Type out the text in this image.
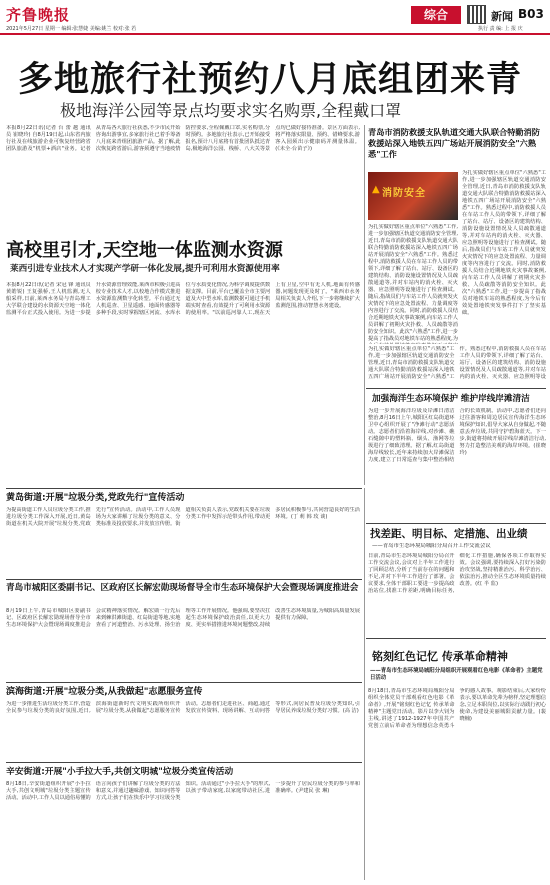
齐鲁晚报
2021年5月27日 星期一 编辑:张慧婕 美编:姚兰 校对:张 若
综合	新闻 B03
执行 责 编: 上 报 庆
多地旅行社预约八月底组团来青
极地海洋公园等景点均要求实名购票,全程戴口罩
本报8月22日讯(记者 台 蕾 越 通讯员 崔晓玲) 自8月19日起,山东省内旅行社及在线旅游企业可恢复经营跨省团队旅游及"机票+酒店"业务。记者从青岛各大旅行社获悉,不少市民开始咨询出游事宜,多家旅行社已着手筹备八月底来青组团旅游产品。据了解,此次恢复跨省游后,游客须遵守当地疫情防控要求,全程佩戴口罩,实名购票,分时预约。多地旅行社表示,已开始接受报名,预计八月底将有首批团队抵达青岛,极地海洋公园、栈桥、八大关等景点均已做好接待准备。景区方面表示,将严格落实限量、预约、错峰要求,游客入园须出示健康码并测量体温。(《未全·台苗子》)
高校里引才,天空地一体监测水资源
莱西引进专业技术人才实现产学研一体化发展,提升可利用水资源使用率
本报8月22日讯(记者 宋冠 锋 通讯员 黄皓锐) 王复强桥,王人机监测,无人船采样,日前,莱西水务局与青岛理工大学联合建设的水资源天空地一体化监测平台正式投入使用。为进一步提升水资源管理效能,莱西市积极引进高校专业技术人才,以校地合作模式推进水资源监测数字化转型。平台通过无人机巡查、卫星遥感、地面传感器等多种手段,实时掌握辖区河流、水库水位与水质变化情况,为科学调度提供数据支撑。目前,平台已覆盖全市主要河道及大中型水库,监测数据可通过手机端实时查看,有效提升了可利用水资源的使用率。"以前巡河靠人工,现在天上有卫星,空中有无人机,地面有传感器,问题发现更及时了。"莱西市水务局相关负责人介绍,下一步将继续扩大监测范围,推动智慧水务建设。
青岛市消防救援支队轨道交通大队联合特勤消防救援站深入地铁五四广场站开展消防安全"六熟悉"工作
消防安全
▲
为扎实做好辖区重点单位"六熟悉"工作,进一步加强辖区轨道交通消防安全管理,近日,青岛市消防救援支队轨道交通大队联合特勤消防救援站深入地铁五四广场站开展消防安全"六熟悉"工作。熟悉过程中,消防救援人员在车站工作人员的带领下,详细了解了站台、站厅、设备区的建筑结构、消防设施设置情况及人员疏散通道等,并对车站内的消火栓、灭火器、应急照明等设施进行了检查测试。随后,指战员们与车站工作人员就突发火灾情况下的应急处置流程、力量调度等内容进行了交流。同时,消防救援人员结合近期地铁火灾事故案例,向车站工作人员讲解了初期火灾扑救、人员疏散等消防安全知识。此次"六熟悉"工作,进一步提高了指战员对地铁车站的熟悉程度,为今后有效处置地铁突发事件打下了坚实基础。
为扎实做好辖区重点单位"六熟悉"工作,进一步加强辖区轨道交通消防安全管理,近日,青岛市消防救援支队轨道交通大队联合特勤消防救援站深入地铁五四广场站开展消防安全"六熟悉"工作。熟悉过程中,消防救援人员在车站工作人员的带领下,详细了解了站台、站厅、设备区的建筑结构、消防设施设置情况及人员疏散通道等,并对车站内的消火栓、灭火器、应急照明等设施进行了检查测试。随后,指战员们与车站工作人员就突发火灾情况下的应急处置流程、力量调度等内容进行了交流。同时,消防救援人员结合近期地铁火灾事故案例,向车站工作人员讲解了初期火灾扑救、人员疏散等消防安全知识。此次"六熟悉"工作,进一步提高了指战员对地铁车站的熟悉程度,为
为扎实做好辖区重点单位"六熟悉"工作,进一步加强辖区轨道交通消防安全管理,近日,青岛市消防救援支队轨道交通大队联合特勤消防救援站深入地铁五四广场站开展消防安全"六熟悉"工作。熟悉过程中,消防救援人员在车站工作人员的带领下,详细了解了站台、站厅、设备区的建筑结构、消防设施设置情况及人员疏散通道等,并对车站内的消火栓、灭火器、应急照明等设
加强海洋生态环境保护 维护岸线岸滩清洁
为进一步开展海洋垃圾及岸滩日清洁整治,8月16日上午,城阳区红岛街道环卫中心组织开展了"净滩行动"志愿活动。志愿者们沿着海岸线,对沙滩、礁石缝隙中的塑料瓶、烟头、渔网等垃圾进行了细致清理。据了解,红岛街道海岸线较长,近年来持续加大岸滩保洁力度,建立了日常巡查与集中整治相结合的长效机制。活动中,志愿者们还向过往游客和周边居民宣传海洋生态环境保护知识,倡导大家从自身做起,不随意丢弃垃圾,共同守护碧海蓝天。下一步,街道将持续开展岸线岸滩清洁行动,努力打造整洁美观的海岸环境。(崔晓玲)
黄岛街道:开展"垃圾分类,党政先行"宣传活动
为提高街道工作人员垃圾分类工作,推进垃圾分类工作深入开展,近日,黄岛街道在机关大院开展"垃圾分类,党政先行"宣传活动。活动中,工作人员现场为大家讲解了垃圾分类的意义、分类标准及投放要求,并发放宣传册。街道相关负责人表示,党政机关要在垃圾分类工作中发挥示范带头作用,带动更多居民积极参与,共同营造良好的生活环境。(丁 莉 韩 玫 谈)
青岛市城阳区委副书记、区政府区长解宏勋现场督导全市生态环境保护大会暨现场调度推进会
8月19日上午,青岛市城阳区委副书记、区政府区长解宏勋现场督导全市生态环境保护大会暨现场调度推进会会议精神落实情况。解宏勋一行先后来到棘洪滩街道、红岛街道等地,实地查看了河道整治、污水处理、扬尘治理等工作开展情况。他强调,要坚决扛起生态环境保护政治责任,以更大力度、更实举措推进环境问题整改,持续改善生态环境质量,为城阳高质量发展提供有力保障。
滨海街道:开展"垃圾分类,从我做起"志愿服务宣传
为进一步推进生活垃圾分类工作,营造全民参与垃圾分类的良好氛围,近日,滨海街道新时代文明实践所组织开展"垃圾分类,从我做起"志愿服务宣传活动。志愿者们走进社区、商超,通过发放宣传资料、现场讲解、互动问答等形式,向居民普及垃圾分类知识,引导居民养成垃圾分类好习惯。(高 洁)
辛安街道:开展"小手拉大手,共创文明城"垃圾分类宣传活动
8月18日,辛安街道组织开展"小手拉大手,共创文明城"垃圾分类主题宣传活动。活动中,工作人员以通俗易懂的语言向孩子们讲解了垃圾分类的方法和意义,并通过趣味游戏、知识问答等方式,让孩子们在快乐中学习垃圾分类知识。活动通过"小手拉大手"的形式,以孩子带动家庭,以家庭带动社区,进一步提升了居民垃圾分类的参与率和准确率。(尹建民 张 琳)
找差距、明目标、定措施、出业绩
——青岛市生态环境局城阳分局召开工作交流会议
日前,青岛市生态环境局城阳分局召开工作交流会议,会议对上半年工作进行了回顾总结,分析了当前存在的问题和不足,并对下半年工作进行了部署。会议要求,全体干部职工要进一步提高政治站位,找准工作差距,明确目标任务,细化工作措施,确保各项工作取得实效。会议强调,要持续深入打好污染防治攻坚战,坚持精准治污、科学治污、依法治污,推动全区生态环境质量持续改善。(红 半 监)
铭刻红色记忆 传承革命精神
——青岛市生态环境局城阳分局组织开展观看红色电影《革命者》主题党日活动
8月18日,青岛市生态环境局城阳分局组织全体党员干部观看红色电影《革命者》,开展"铭刻红色记忆 传承革命精神"主题党日活动。影片以李大钊为主线,讲述了1912-1927年中国共产党创立前后革命者为理想信念英勇斗争的感人故事。观影结束后,大家纷纷表示,要以革命先辈为榜样,坚定理想信念,立足本职岗位,以实际行动践行初心使命,为建设美丽城阳贡献力量。(裴晓楠)
